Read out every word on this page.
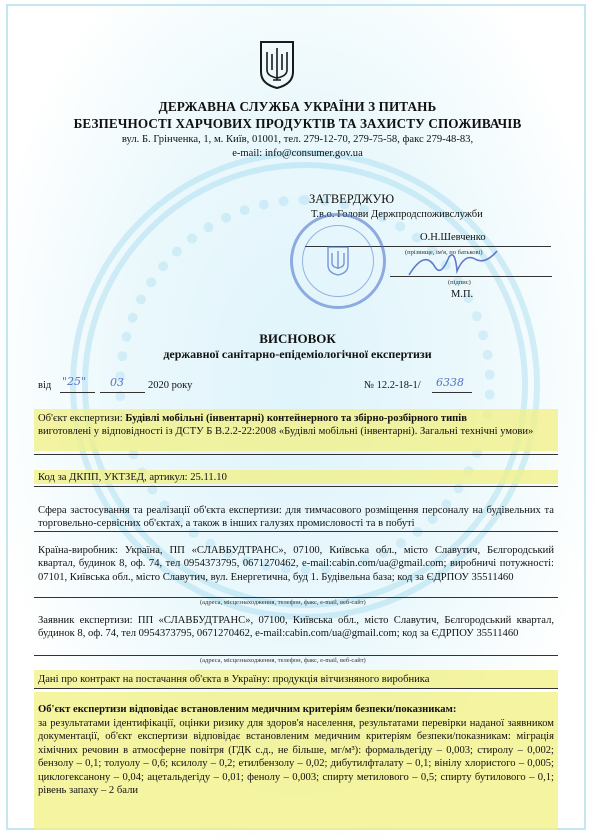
ДЕРЖАВНА СЛУЖБА УКРАЇНИ З ПИТАНЬ
БЕЗПЕЧНОСТІ ХАРЧОВИХ ПРОДУКТІВ ТА ЗАХИСТУ СПОЖИВАЧІВ
вул. Б. Грінченка, 1, м. Київ, 01001, тел. 279-12-70, 279-75-58, факс 279-48-83,
e-mail: info@consumer.gov.ua
ЗАТВЕРДЖУЮ
Т.в.о. Голови Держпродспоживслужби
О.Н.Шевченко
(прізвище, ім'я, по батькові)
(підпис)
М.П.
ВИСНОВОК
державної санітарно-епідеміологічної експертизи
від "25" 03 2020 року	№ 12.2-18-1/ 6338
Об'єкт експертизи: Будівлі мобільні (інвентарні) контейнерного та збірно-розбірного типів
виготовлені у відповідності із ДСТУ Б В.2.2-22:2008 «Будівлі мобільні (інвентарні). Загальні технічні умови»
Код за ДКПП, УКТЗЕД, артикул: 25.11.10
Сфера застосування та реалізації об'єкта експертизи: для тимчасового розміщення персоналу на будівельних та торговельно-сервісних об'єктах, а також в інших галузях промисловості та в побуті
Країна-виробник: Україна, ПП «СЛАВБУДТРАНС», 07100, Київська обл., місто Славутич, Бєлгородський квартал, будинок 8, оф. 74, тел 0954373795, 0671270462, e-mail:cabin.com/ua@gmail.com; виробничі потужності: 07101, Київська обл., місто Славутич, вул. Енергетична, буд 1. Будівельна база; код за ЄДРПОУ 35511460
(адреса, місцезнаходження, телефон, факс, e-mail, веб-сайт)
Заявник експертизи: ПП «СЛАВБУДТРАНС», 07100, Київська обл., місто Славутич, Бєлгородський квартал, будинок 8, оф. 74, тел 0954373795, 0671270462, e-mail:cabin.com/ua@gmail.com; код за ЄДРПОУ 35511460
(адреса, місцезнаходження, телефон, факс, e-mail, веб-сайт)
Дані про контракт на постачання об'єкта в Україну: продукція вітчизняного виробника
Об'єкт експертизи відповідає встановленим медичним критеріям безпеки/показникам:
за результатами ідентифікації, оцінки ризику для здоров'я населення, результатами перевірки наданої заявником документації, об'єкт експертизи відповідає встановленим медичним критеріям безпеки/показникам: міграція хімічних речовин в атмосферне повітря (ГДК с.д., не більше, мг/м³): формальдегіду – 0,003; стиролу – 0,002; бензолу – 0,1; толуолу – 0,6; ксилолу – 0,2; етилбензолу – 0,02; дибутилфталату – 0,1; вінілу хлористого – 0,005; циклогексанону – 0,04; ацетальдегіду – 0,01; фенолу – 0,003; спирту метилового – 0,5; спирту бутилового – 0,1; рівень запаху – 2 бали
